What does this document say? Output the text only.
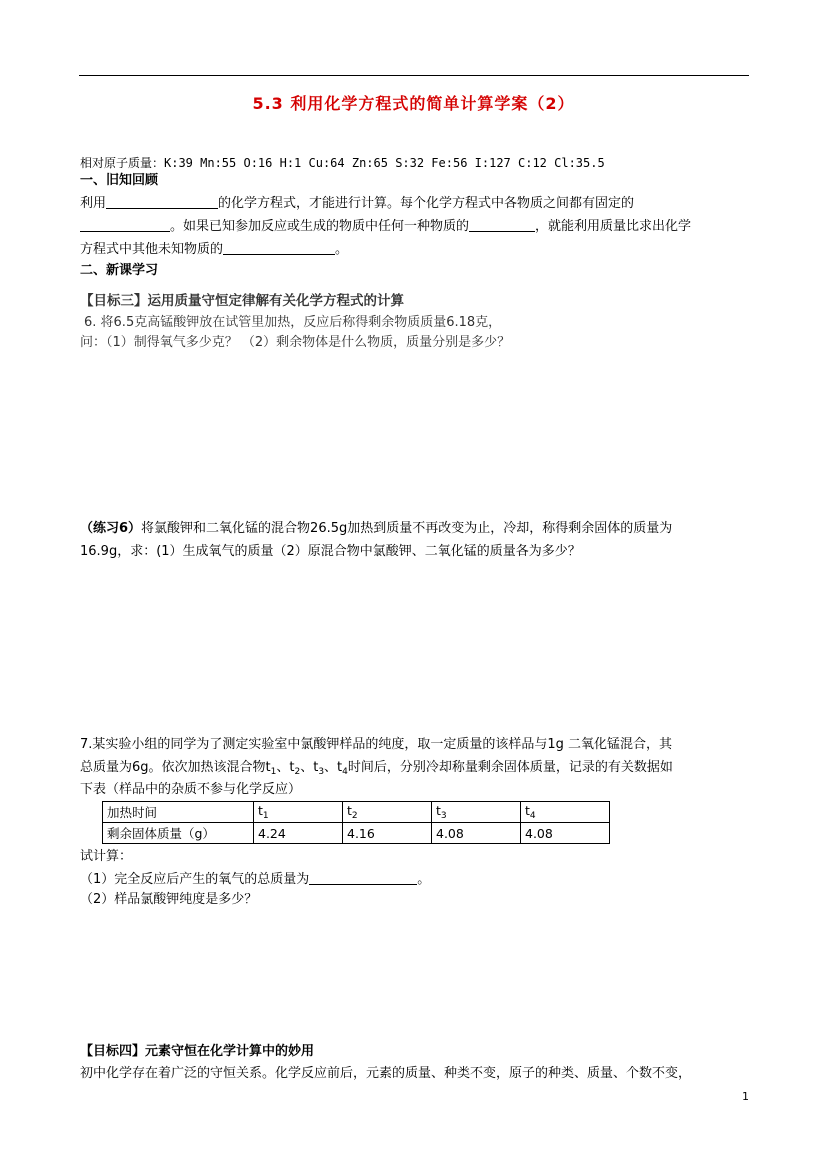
5.3 利用化学方程式的简单计算学案（2）
相对原子质量：K:39 Mn:55 O:16 H:1 Cu:64 Zn:65 S:32 Fe:56 I:127 C:12 Cl:35.5
一、旧知回顾
利用	的化学方程式，才能进行计算。每个化学方程式中各物质之间都有固定的
。如果已知参加反应或生成的物质中任何一种物质的	，就能利用质量比求出化学
方程式中其他未知物质的	。
二、新课学习
【目标三】运用质量守恒定律解有关化学方程式的计算
6. 将6.5克高锰酸钾放在试管里加热，反应后称得剩余物质质量6.18克，
问：（1）制得氧气多少克？ （2）剩余物体是什么物质，质量分别是多少？
（练习6）将氯酸钾和二氧化锰的混合物26.5g加热到质量不再改变为止，冷却，称得剩余固体的质量为
16.9g，求：(1）生成氧气的质量（2）原混合物中氯酸钾、二氧化锰的质量各为多少？
7.某实验小组的同学为了测定实验室中氯酸钾样品的纯度，取一定质量的该样品与1g 二氧化锰混合，其
总质量为6g。依次加热该混合物$t_1$、$t_2$、$t_3$、$t_4$时间后，分别冷却称量剩余固体质量，记录的有关数据如
下表（样品中的杂质不参与化学反应）
加热时间	$t_1$	$t_2$	$t_3$	$t_4$
剩余固体质量（g）	4.24	4.16	4.08	4.08
试计算：
（1）完全反应后产生的氧气的总质量为	。
（2）样品氯酸钾纯度是多少？
【目标四】元素守恒在化学计算中的妙用
初中化学存在着广泛的守恒关系。化学反应前后，元素的质量、种类不变，原子的种类、质量、个数不变，
1
